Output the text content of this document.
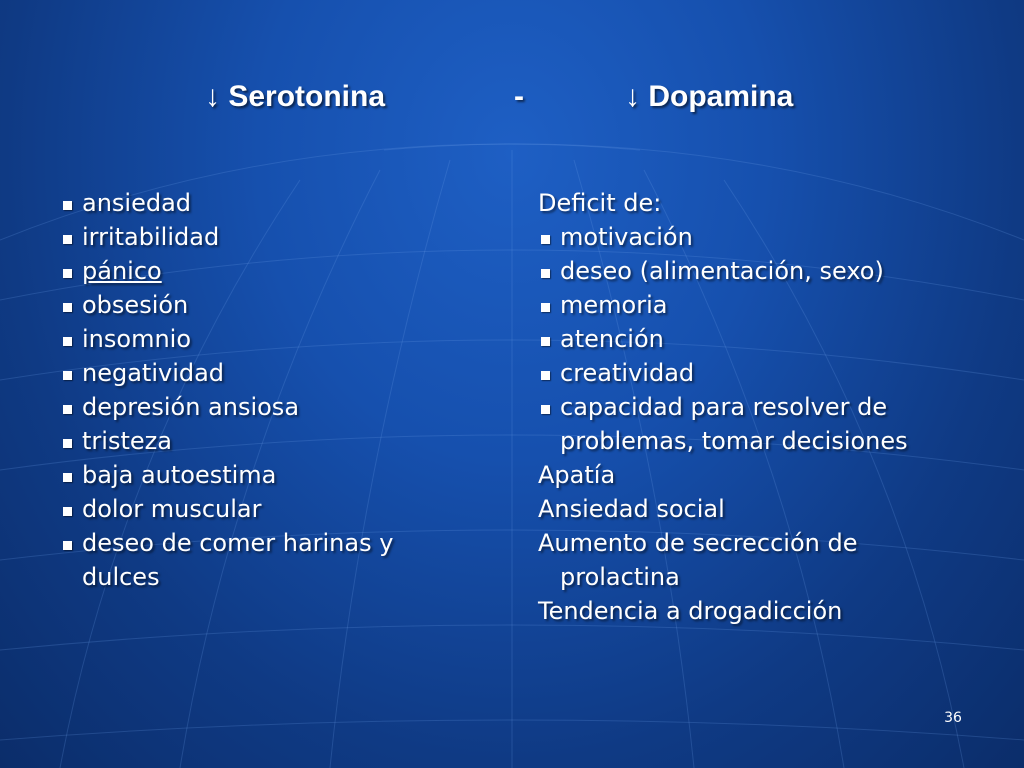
↓ Serotonina	-	↓ Dopamina
ansiedad
irritabilidad
pánico
obsesión
insomnio
negatividad
depresión ansiosa
tristeza
baja autoestima
dolor muscular
deseo de comer harinas y dulces
Deficit de:
motivación
deseo (alimentación, sexo)
memoria
atención
creatividad
capacidad para resolver de problemas, tomar decisiones
Apatía
Ansiedad social
Aumento de secrección de prolactina
Tendencia a drogadicción
36
